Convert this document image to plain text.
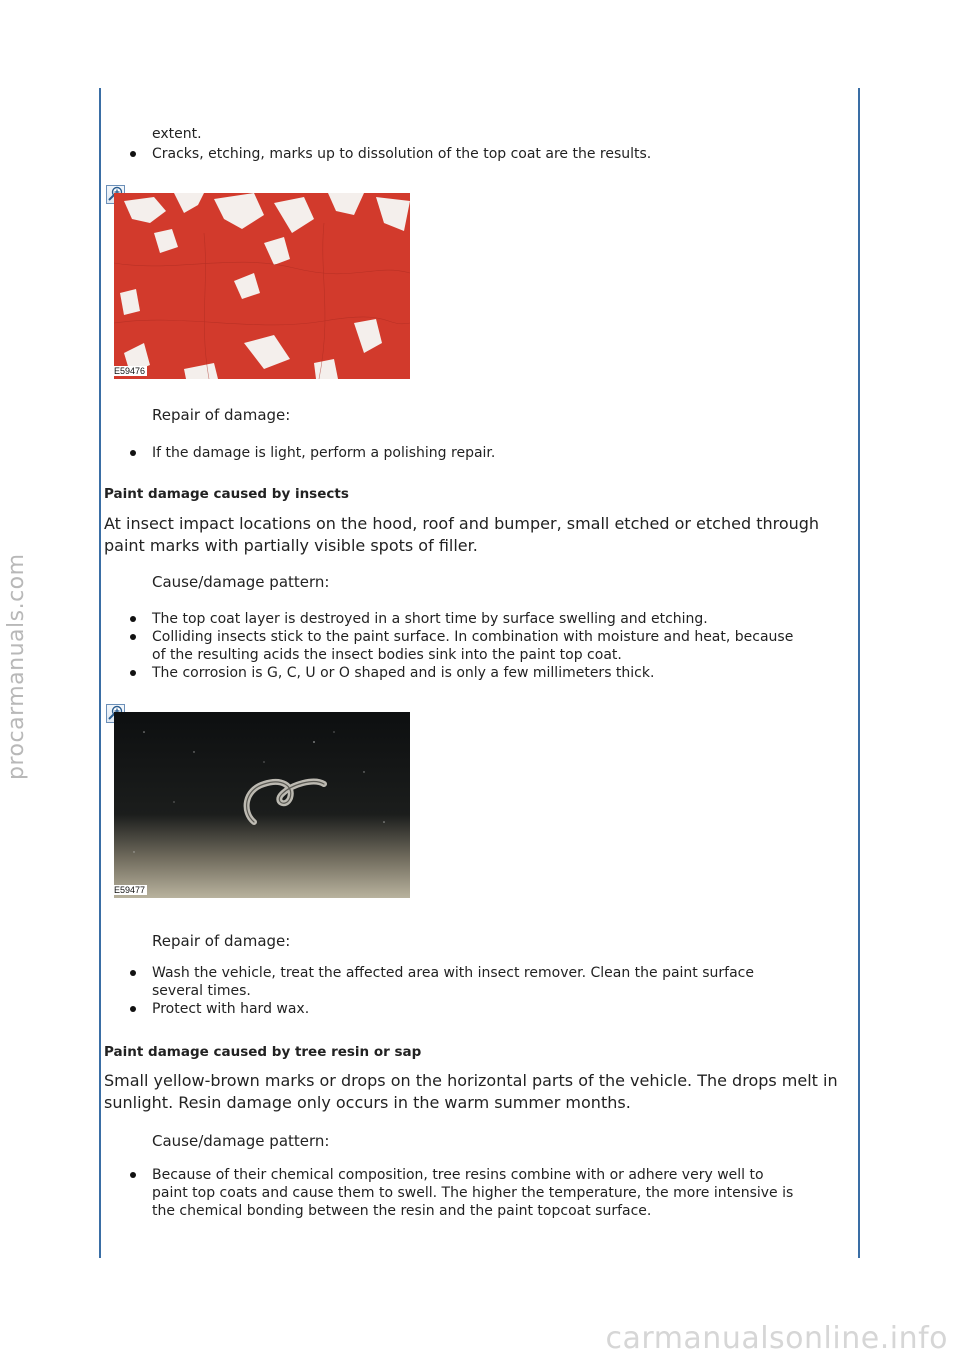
procarmanuals.com
carmanualsonline.info
extent.
Cracks, etching, marks up to dissolution of the top coat are the results.
E59476
Repair of damage:
If the damage is light, perform a polishing repair.
Paint damage caused by insects
At insect impact locations on the hood, roof and bumper, small etched or etched through paint marks with partially visible spots of filler.
Cause/damage pattern:
The top coat layer is destroyed in a short time by surface swelling and etching.
Colliding insects stick to the paint surface. In combination with moisture and heat, because of the resulting acids the insect bodies sink into the paint top coat.
The corrosion is G, C, U or O shaped and is only a few millimeters thick.
E59477
Repair of damage:
Wash the vehicle, treat the affected area with insect remover. Clean the paint surface several times.
Protect with hard wax.
Paint damage caused by tree resin or sap
Small yellow-brown marks or drops on the horizontal parts of the vehicle. The drops melt in sunlight. Resin damage only occurs in the warm summer months.
Cause/damage pattern:
Because of their chemical composition, tree resins combine with or adhere very well to paint top coats and cause them to swell. The higher the temperature, the more intensive is the chemical bonding between the resin and the paint topcoat surface.
